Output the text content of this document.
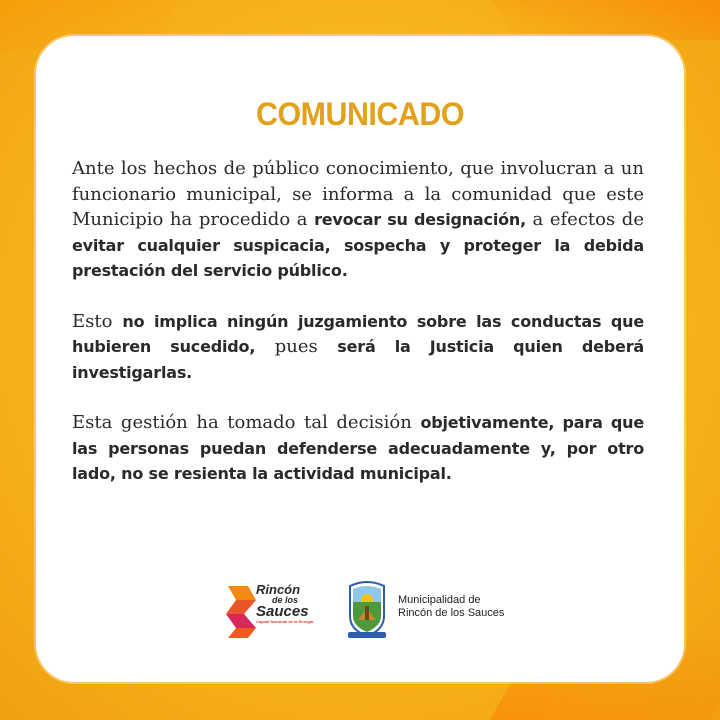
COMUNICADO

Ante los hechos de público conocimiento, que involucran a un funcionario municipal, se informa a la comunidad que este Municipio ha procedido a revocar su designación, a efectos de evitar cualquier suspicacia, sospecha y proteger la debida prestación del servicio público.

Esto no implica ningún juzgamiento sobre las conductas que hubieren sucedido, pues será la Justicia quien deberá investigarlas.

Esta gestión ha tomado tal decisión objetivamente, para que las personas puedan defenderse adecuadamente y, por otro lado, no se resienta la actividad municipal.

Rincón
de los
Sauces
Capital Nacional de la Energía
Municipalidad de
Rincón de los Sauces
